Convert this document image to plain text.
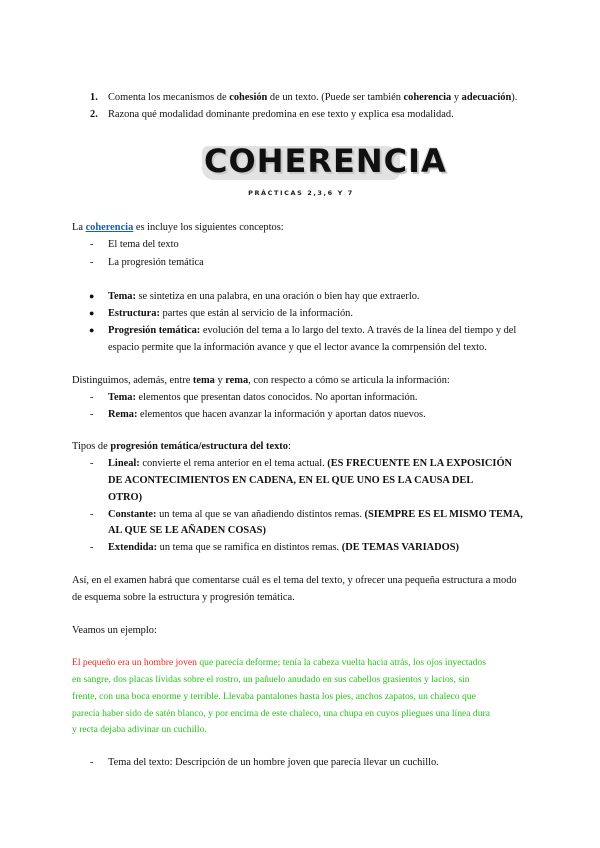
1. Comenta los mecanismos de cohesión de un texto. (Puede ser también coherencia y adecuación).
2. Razona qué modalidad dominante predomina en ese texto y explica esa modalidad.
COHERENCIA
PRÁCTICAS 2,3,6 Y 7
La coherencia es incluye los siguientes conceptos:
- El tema del texto
- La progresión temática
● Tema: se sintetiza en una palabra, en una oración o bien hay que extraerlo.
● Estructura: partes que están al servicio de la información.
● Progresión temática: evolución del tema a lo largo del texto. A través de la línea del tiempo y del
espacio permite que la información avance y que el lector avance la comrpensión del texto.
Distinguimos, además, entre tema y rema, con respecto a cómo se articula la información:
- Tema: elementos que presentan datos conocidos. No aportan información.
- Rema: elementos que hacen avanzar la información y aportan datos nuevos.
Tipos de progresión temática/estructura del texto:
- Lineal: convierte el rema anterior en el tema actual. (ES FRECUENTE EN LA EXPOSICIÓN
DE ACONTECIMIENTOS EN CADENA, EN EL QUE UNO ES LA CAUSA DEL
OTRO)
- Constante: un tema al que se van añadiendo distintos remas. (SIEMPRE ES EL MISMO TEMA,
AL QUE SE LE AÑADEN COSAS)
- Extendida: un tema que se ramifica en distintos remas. (DE TEMAS VARIADOS)
Así, en el examen habrá que comentarse cuál es el tema del texto, y ofrecer una pequeña estructura a modo
de esquema sobre la estructura y progresión temática.
Veamos un ejemplo:
El pequeño era un hombre joven que parecía deforme; tenía la cabeza vuelta hacia atrás, los ojos inyectados
en sangre, dos placas lívidas sobre el rostro, un pañuelo anudado en sus cabellos grasientos y lacios, sin
frente, con una boca enorme y terrible. Llevaba pantalones hasta los pies, anchos zapatos, un chaleco que
parecía haber sido de satén blanco, y por encima de este chaleco, una chupa en cuyos pliegues una línea dura
y recta dejaba adivinar un cuchillo.
- Tema del texto: Descripción de un hombre joven que parecía llevar un cuchillo.
